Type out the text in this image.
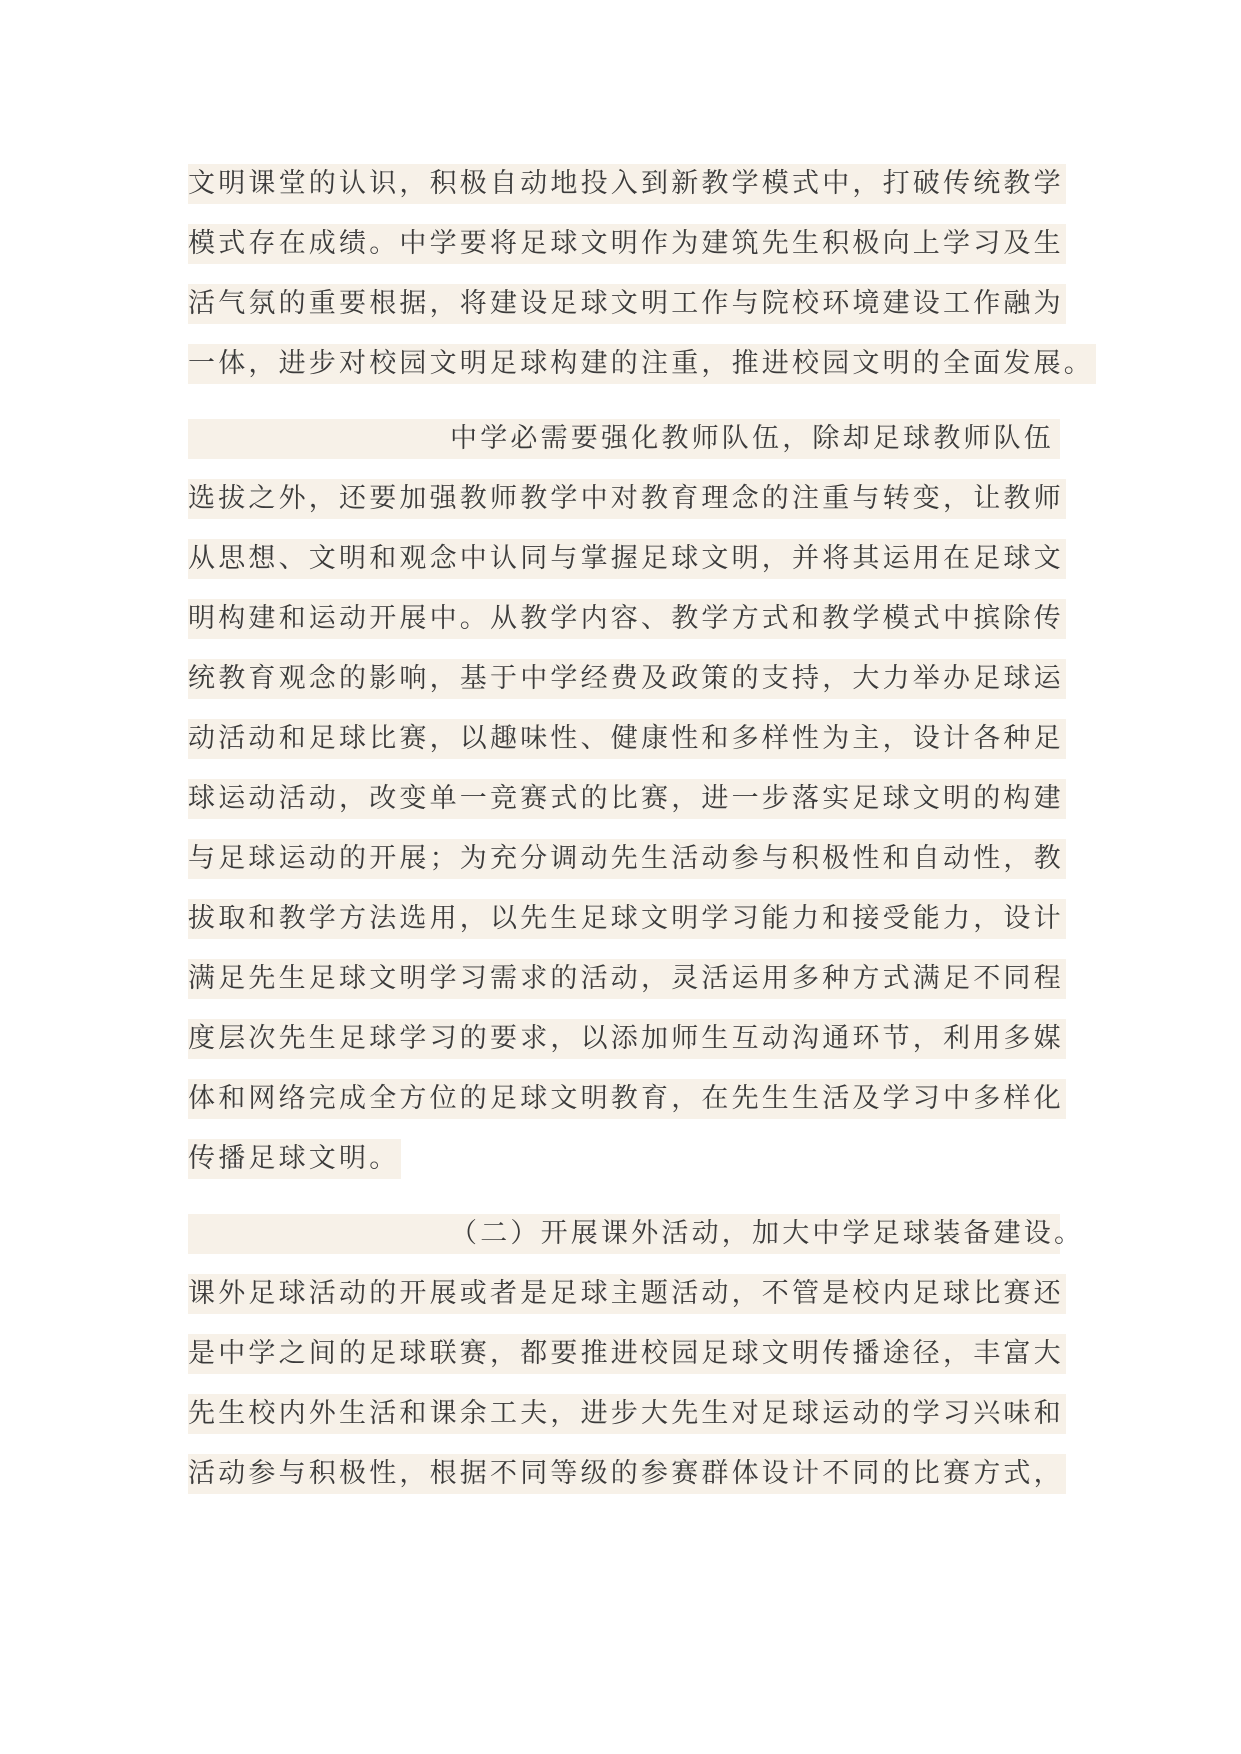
文明课堂的认识，积极自动地投入到新教学模式中，打破传统教学
模式存在成绩。中学要将足球文明作为建筑先生积极向上学习及生
活气氛的重要根据，将建设足球文明工作与院校环境建设工作融为
一体，进步对校园文明足球构建的注重，推进校园文明的全面发展。
中学必需要强化教师队伍，除却足球教师队伍
选拔之外，还要加强教师教学中对教育理念的注重与转变，让教师
从思想、文明和观念中认同与掌握足球文明，并将其运用在足球文
明构建和运动开展中。从教学内容、教学方式和教学模式中摈除传
统教育观念的影响，基于中学经费及政策的支持，大力举办足球运
动活动和足球比赛，以趣味性、健康性和多样性为主，设计各种足
球运动活动，改变单一竞赛式的比赛，进一步落实足球文明的构建
与足球运动的开展；为充分调动先生活动参与积极性和自动性，教
拔取和教学方法选用，以先生足球文明学习能力和接受能力，设计
满足先生足球文明学习需求的活动，灵活运用多种方式满足不同程
度层次先生足球学习的要求，以添加师生互动沟通环节，利用多媒
体和网络完成全方位的足球文明教育，在先生生活及学习中多样化
传播足球文明。
（二）开展课外活动，加大中学足球装备建设。
课外足球活动的开展或者是足球主题活动，不管是校内足球比赛还
是中学之间的足球联赛，都要推进校园足球文明传播途径，丰富大
先生校内外生活和课余工夫，进步大先生对足球运动的学习兴味和
活动参与积极性，根据不同等级的参赛群体设计不同的比赛方式，
